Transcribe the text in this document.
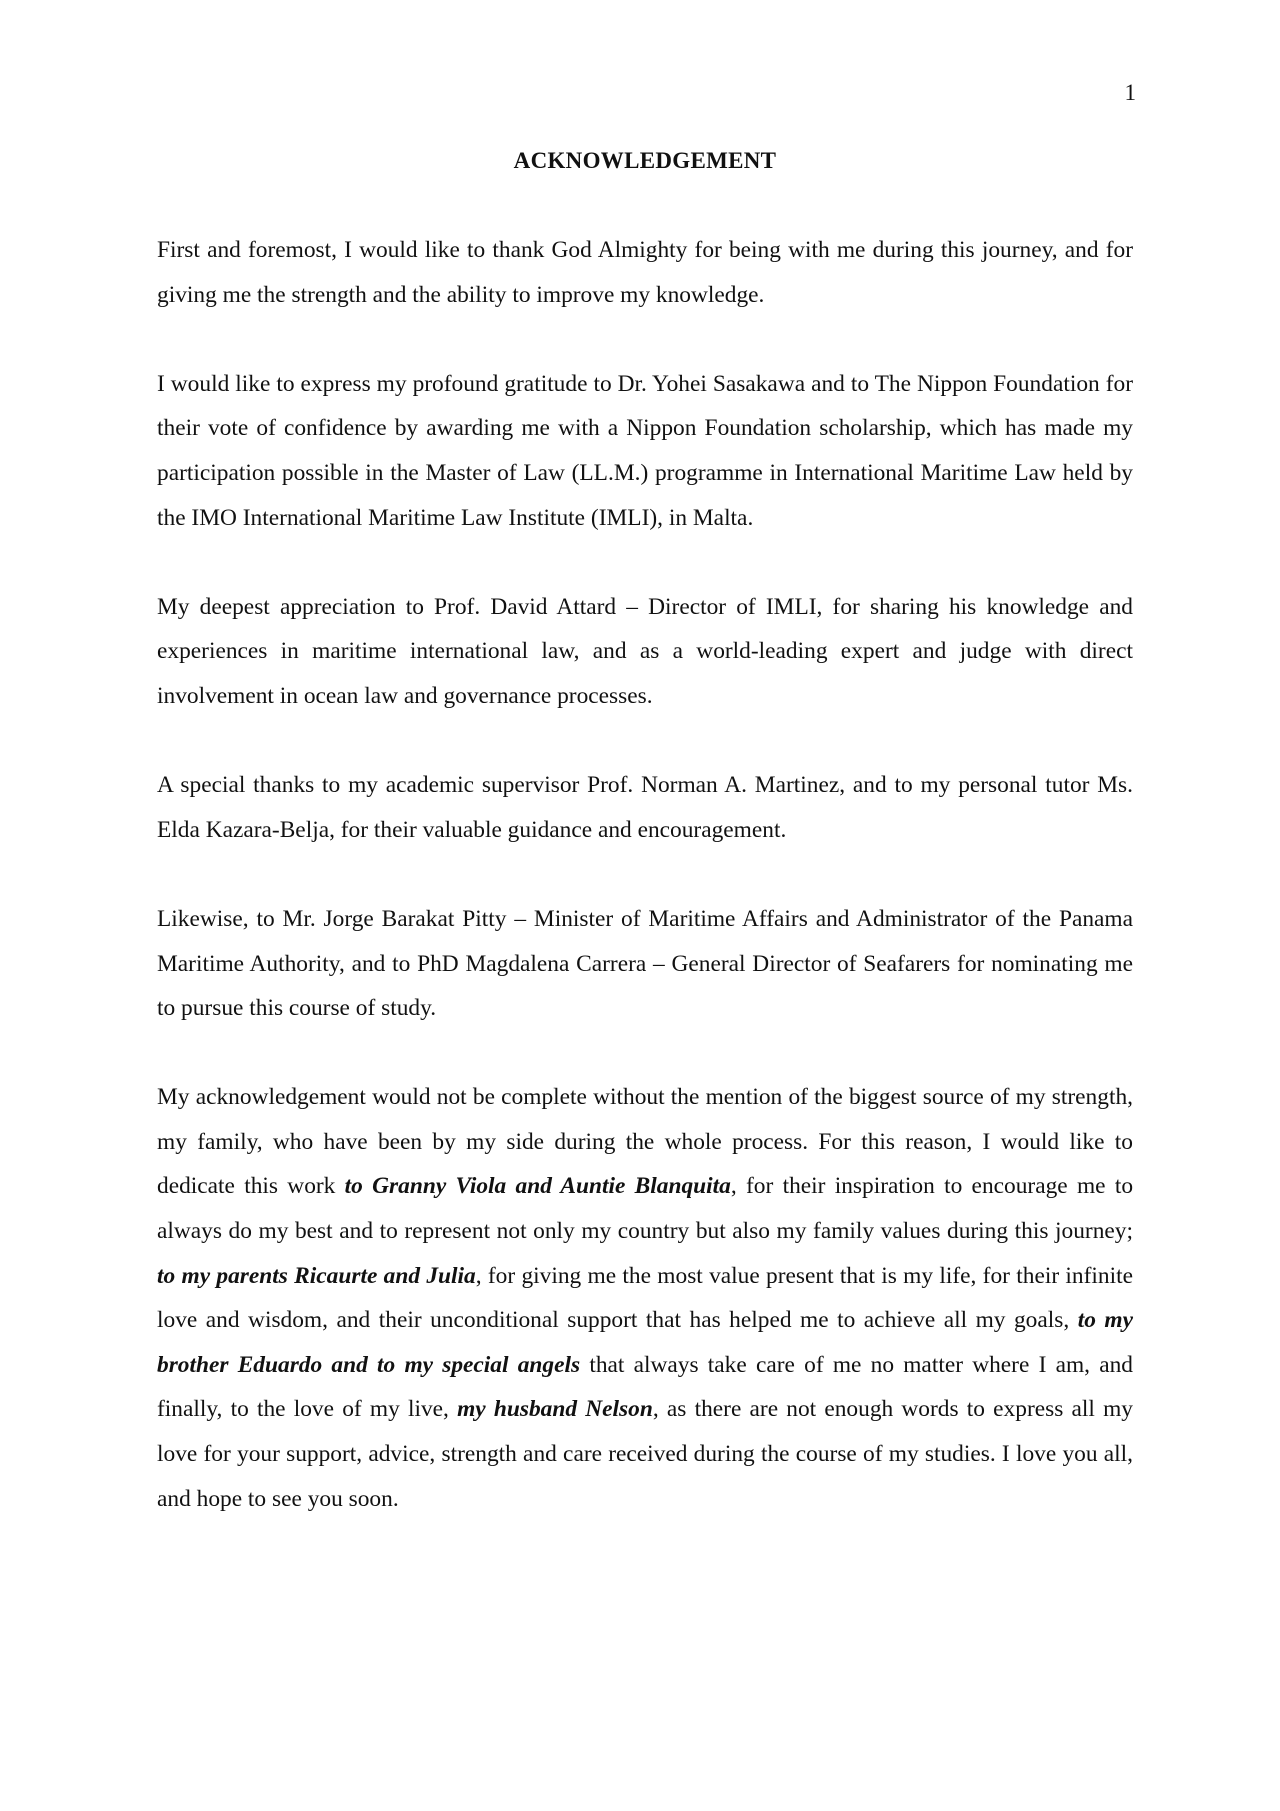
1
ACKNOWLEDGEMENT

First and foremost, I would like to thank God Almighty for being with me during this journey, and for giving me the strength and the ability to improve my knowledge.

I would like to express my profound gratitude to Dr. Yohei Sasakawa and to The Nippon Foundation for their vote of confidence by awarding me with a Nippon Foundation scholarship, which has made my participation possible in the Master of Law (LL.M.) programme in International Maritime Law held by the IMO International Maritime Law Institute (IMLI), in Malta.

My deepest appreciation to Prof. David Attard – Director of IMLI, for sharing his knowledge and experiences in maritime international law, and as a world-leading expert and judge with direct involvement in ocean law and governance processes.

A special thanks to my academic supervisor Prof. Norman A. Martinez, and to my personal tutor Ms. Elda Kazara-Belja, for their valuable guidance and encouragement.

Likewise, to Mr. Jorge Barakat Pitty – Minister of Maritime Affairs and Administrator of the Panama Maritime Authority, and to PhD Magdalena Carrera – General Director of Seafarers for nominating me to pursue this course of study.

My acknowledgement would not be complete without the mention of the biggest source of my strength, my family, who have been by my side during the whole process. For this reason, I would like to dedicate this work to Granny Viola and Auntie Blanquita, for their inspiration to encourage me to always do my best and to represent not only my country but also my family values during this journey; to my parents Ricaurte and Julia, for giving me the most value present that is my life, for their infinite love and wisdom, and their unconditional support that has helped me to achieve all my goals, to my brother Eduardo and to my special angels that always take care of me no matter where I am, and finally, to the love of my live, my husband Nelson, as there are not enough words to express all my love for your support, advice, strength and care received during the course of my studies. I love you all, and hope to see you soon.
